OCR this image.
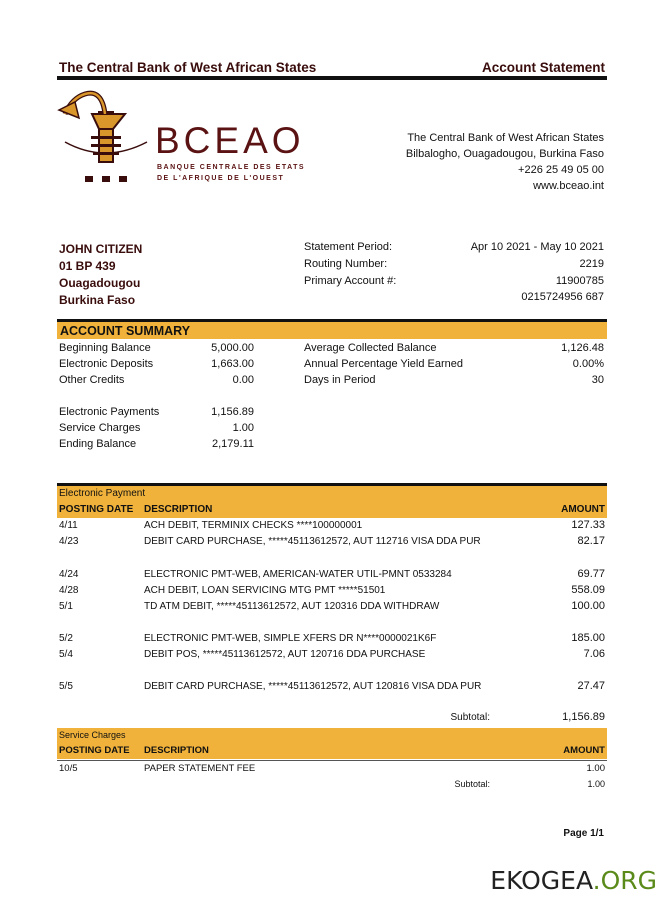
The Central Bank of West African States	Account Statement
BCEAO
BANQUE CENTRALE DES ETATS
DE L'AFRIQUE DE L'OUEST
The Central Bank of West African States
Bilbalogho, Ouagadougou, Burkina Faso
+226 25 49 05 00
www.bceao.int
JOHN CITIZEN
01 BP 439
Ouagadougou
Burkina Faso
Statement Period:	Apr 10 2021 - May 10 2021
Routing Number:	2219
Primary Account #:	11900785
0215724956 687
ACCOUNT SUMMARY
Beginning Balance	5,000.00
Electronic Deposits	1,663.00
Other Credits	0.00
Electronic Payments	1,156.89
Service Charges	1.00
Ending Balance	2,179.11
Average Collected Balance	1,126.48
Annual Percentage Yield Earned	0.00%
Days in Period	30
Electronic Payment
POSTING DATE DESCRIPTION	AMOUNT
4/11	ACH DEBIT, TERMINIX CHECKS ****100000001	127.33
4/23	DEBIT CARD PURCHASE, *****45113612572, AUT 112716 VISA DDA PUR	82.17
4/24	ELECTRONIC PMT-WEB, AMERICAN-WATER UTIL-PMNT 0533284	69.77
4/28	ACH DEBIT, LOAN SERVICING MTG PMT *****51501	558.09
5/1	TD ATM DEBIT, *****45113612572, AUT 120316 DDA WITHDRAW	100.00
5/2	ELECTRONIC PMT-WEB, SIMPLE XFERS DR N****0000021K6F	185.00
5/4	DEBIT POS, *****45113612572, AUT 120716 DDA PURCHASE	7.06
5/5	DEBIT CARD PURCHASE, *****45113612572, AUT 120816 VISA DDA PUR	27.47
Subtotal:	1,156.89
Service Charges
POSTING DATE DESCRIPTION	AMOUNT
10/5	PAPER STATEMENT FEE	1.00
Subtotal:	1.00
Page 1/1
EKOGEA.ORG
